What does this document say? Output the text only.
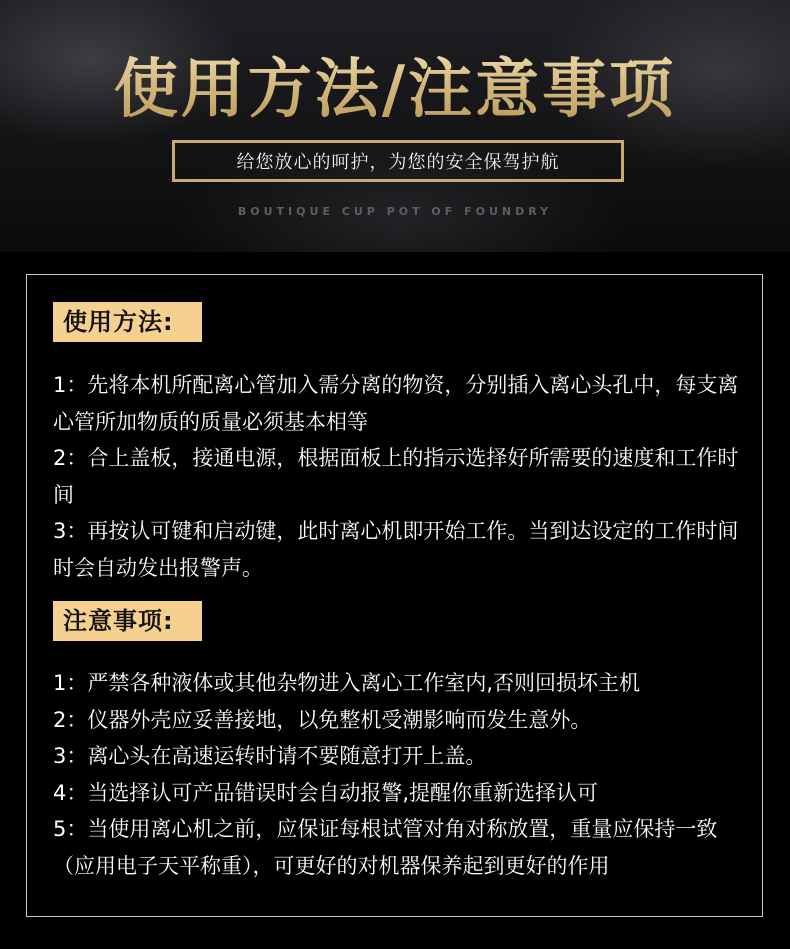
使用方法/注意事项
给您放心的呵护，为您的安全保驾护航
BOUTIQUE CUP POT OF FOUNDRY
使用方法:
1：先将本机所配离心管加入需分离的物资，分别插入离心头孔中，每支离心管所加物质的质量必须基本相等
2：合上盖板，接通电源，根据面板上的指示选择好所需要的速度和工作时间
3：再按认可键和启动键，此时离心机即开始工作。当到达设定的工作时间时会自动发出报警声。
注意事项:
1：严禁各种液体或其他杂物进入离心工作室内,否则回损坏主机
2：仪器外壳应妥善接地，以免整机受潮影响而发生意外。
3：离心头在高速运转时请不要随意打开上盖。
4：当选择认可产品错误时会自动报警,提醒你重新选择认可
5：当使用离心机之前，应保证每根试管对角对称放置，重量应保持一致（应用电子天平称重），可更好的对机器保养起到更好的作用
